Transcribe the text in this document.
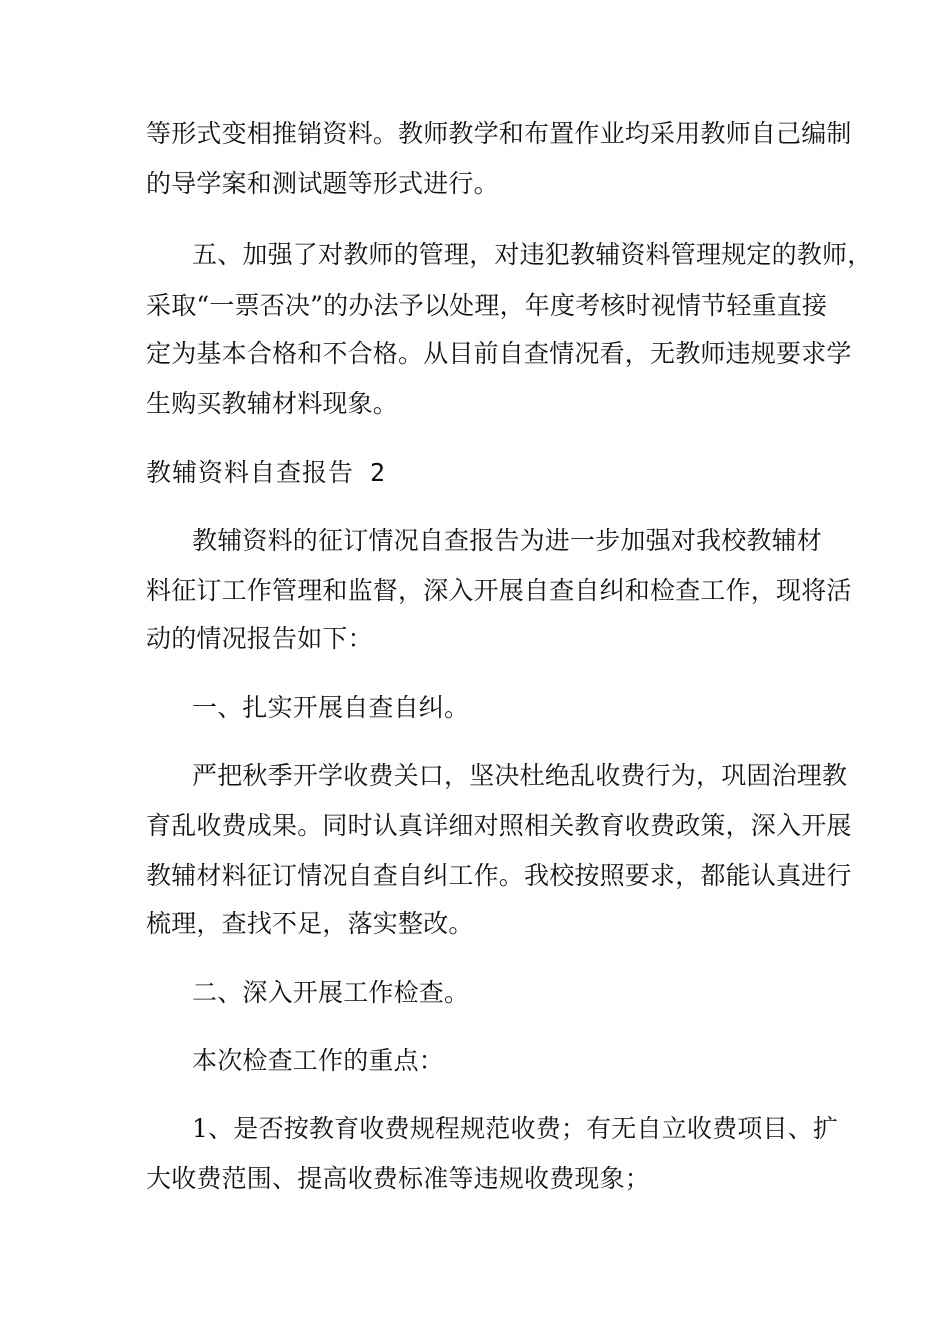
等形式变相推销资料。教师教学和布置作业均采用教师自己编制
的导学案和测试题等形式进行。
五、加强了对教师的管理，对违犯教辅资料管理规定的教师，
采取“一票否决”的办法予以处理，年度考核时视情节轻重直接
定为基本合格和不合格。从目前自查情况看，无教师违规要求学
生购买教辅材料现象。
教辅资料自查报告 2
教辅资料的征订情况自查报告为进一步加强对我校教辅材
料征订工作管理和监督，深入开展自查自纠和检查工作，现将活
动的情况报告如下：
一、扎实开展自查自纠。
严把秋季开学收费关口，坚决杜绝乱收费行为，巩固治理教
育乱收费成果。同时认真详细对照相关教育收费政策，深入开展
教辅材料征订情况自查自纠工作。我校按照要求，都能认真进行
梳理，查找不足，落实整改。
二、深入开展工作检查。
本次检查工作的重点：
1、是否按教育收费规程规范收费；有无自立收费项目、扩
大收费范围、提高收费标准等违规收费现象；
